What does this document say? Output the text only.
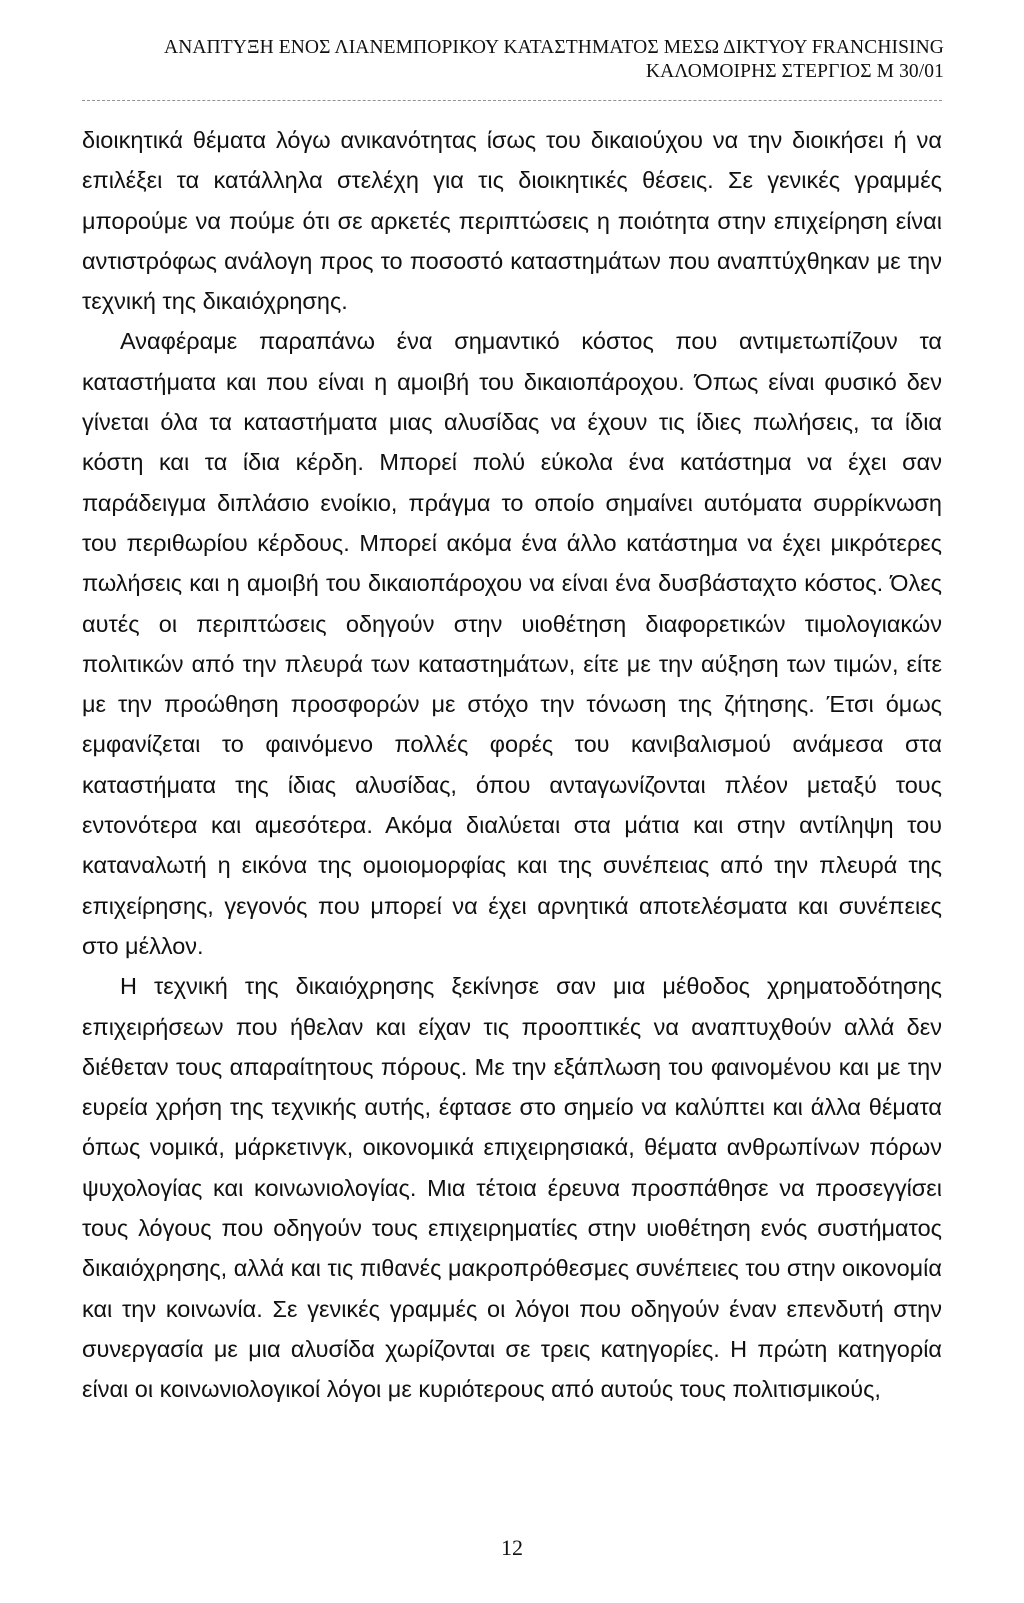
ΑΝΑΠΤΥΞΗ ΕΝΟΣ ΛΙΑΝΕΜΠΟΡΙΚΟΥ ΚΑΤΑΣΤΗΜΑΤΟΣ ΜΕΣΩ ΔΙΚΤΥΟΥ FRANCHISING
ΚΑΛΟΜΟΙΡΗΣ ΣΤΕΡΓΙΟΣ Μ 30/01

διοικητικά θέματα λόγω ανικανότητας ίσως του δικαιούχου να την διοικήσει ή να επιλέξει τα κατάλληλα στελέχη για τις διοικητικές θέσεις. Σε γενικές γραμμές μπορούμε να πούμε ότι σε αρκετές περιπτώσεις η ποιότητα στην επιχείρηση είναι αντιστρόφως ανάλογη προς το ποσοστό καταστημάτων που αναπτύχθηκαν με την τεχνική της δικαιόχρησης.

Αναφέραμε παραπάνω ένα σημαντικό κόστος που αντιμετωπίζουν τα καταστήματα και που είναι η αμοιβή του δικαιοπάροχου. Όπως είναι φυσικό δεν γίνεται όλα τα καταστήματα μιας αλυσίδας να έχουν τις ίδιες πωλήσεις, τα ίδια κόστη και τα ίδια κέρδη. Μπορεί πολύ εύκολα ένα κατάστημα να έχει σαν παράδειγμα διπλάσιο ενοίκιο, πράγμα το οποίο σημαίνει αυτόματα συρρίκνωση του περιθωρίου κέρδους. Μπορεί ακόμα ένα άλλο κατάστημα να έχει μικρότερες πωλήσεις και η αμοιβή του δικαιοπάροχου να είναι ένα δυσβάσταχτο κόστος. Όλες αυτές οι περιπτώσεις οδηγούν στην υιοθέτηση διαφορετικών τιμολογιακών πολιτικών από την πλευρά των καταστημάτων, είτε με την αύξηση των τιμών, είτε με την προώθηση προσφορών με στόχο την τόνωση της ζήτησης. Έτσι όμως εμφανίζεται το φαινόμενο πολλές φορές του κανιβαλισμού ανάμεσα στα καταστήματα της ίδιας αλυσίδας, όπου ανταγωνίζονται πλέον μεταξύ τους εντονότερα και αμεσότερα. Ακόμα διαλύεται στα μάτια και στην αντίληψη του καταναλωτή η εικόνα της ομοιομορφίας και της συνέπειας από την πλευρά της επιχείρησης, γεγονός που μπορεί να έχει αρνητικά αποτελέσματα και συνέπειες στο μέλλον.

Η τεχνική της δικαιόχρησης ξεκίνησε σαν μια μέθοδος χρηματοδότησης επιχειρήσεων που ήθελαν και είχαν τις προοπτικές να αναπτυχθούν αλλά δεν διέθεταν τους απαραίτητους πόρους. Με την εξάπλωση του φαινομένου και με την ευρεία χρήση της τεχνικής αυτής, έφτασε στο σημείο να καλύπτει και άλλα θέματα όπως νομικά, μάρκετινγκ, οικονομικά επιχειρησιακά, θέματα ανθρωπίνων πόρων ψυχολογίας και κοινωνιολογίας. Μια τέτοια έρευνα προσπάθησε να προσεγγίσει τους λόγους που οδηγούν τους επιχειρηματίες στην υιοθέτηση ενός συστήματος δικαιόχρησης, αλλά και τις πιθανές μακροπρόθεσμες συνέπειες του στην οικονομία και την κοινωνία. Σε γενικές γραμμές οι λόγοι που οδηγούν έναν επενδυτή στην συνεργασία με μια αλυσίδα χωρίζονται σε τρεις κατηγορίες. Η πρώτη κατηγορία είναι οι κοινωνιολογικοί λόγοι με κυριότερους από αυτούς τους πολιτισμικούς,

12
